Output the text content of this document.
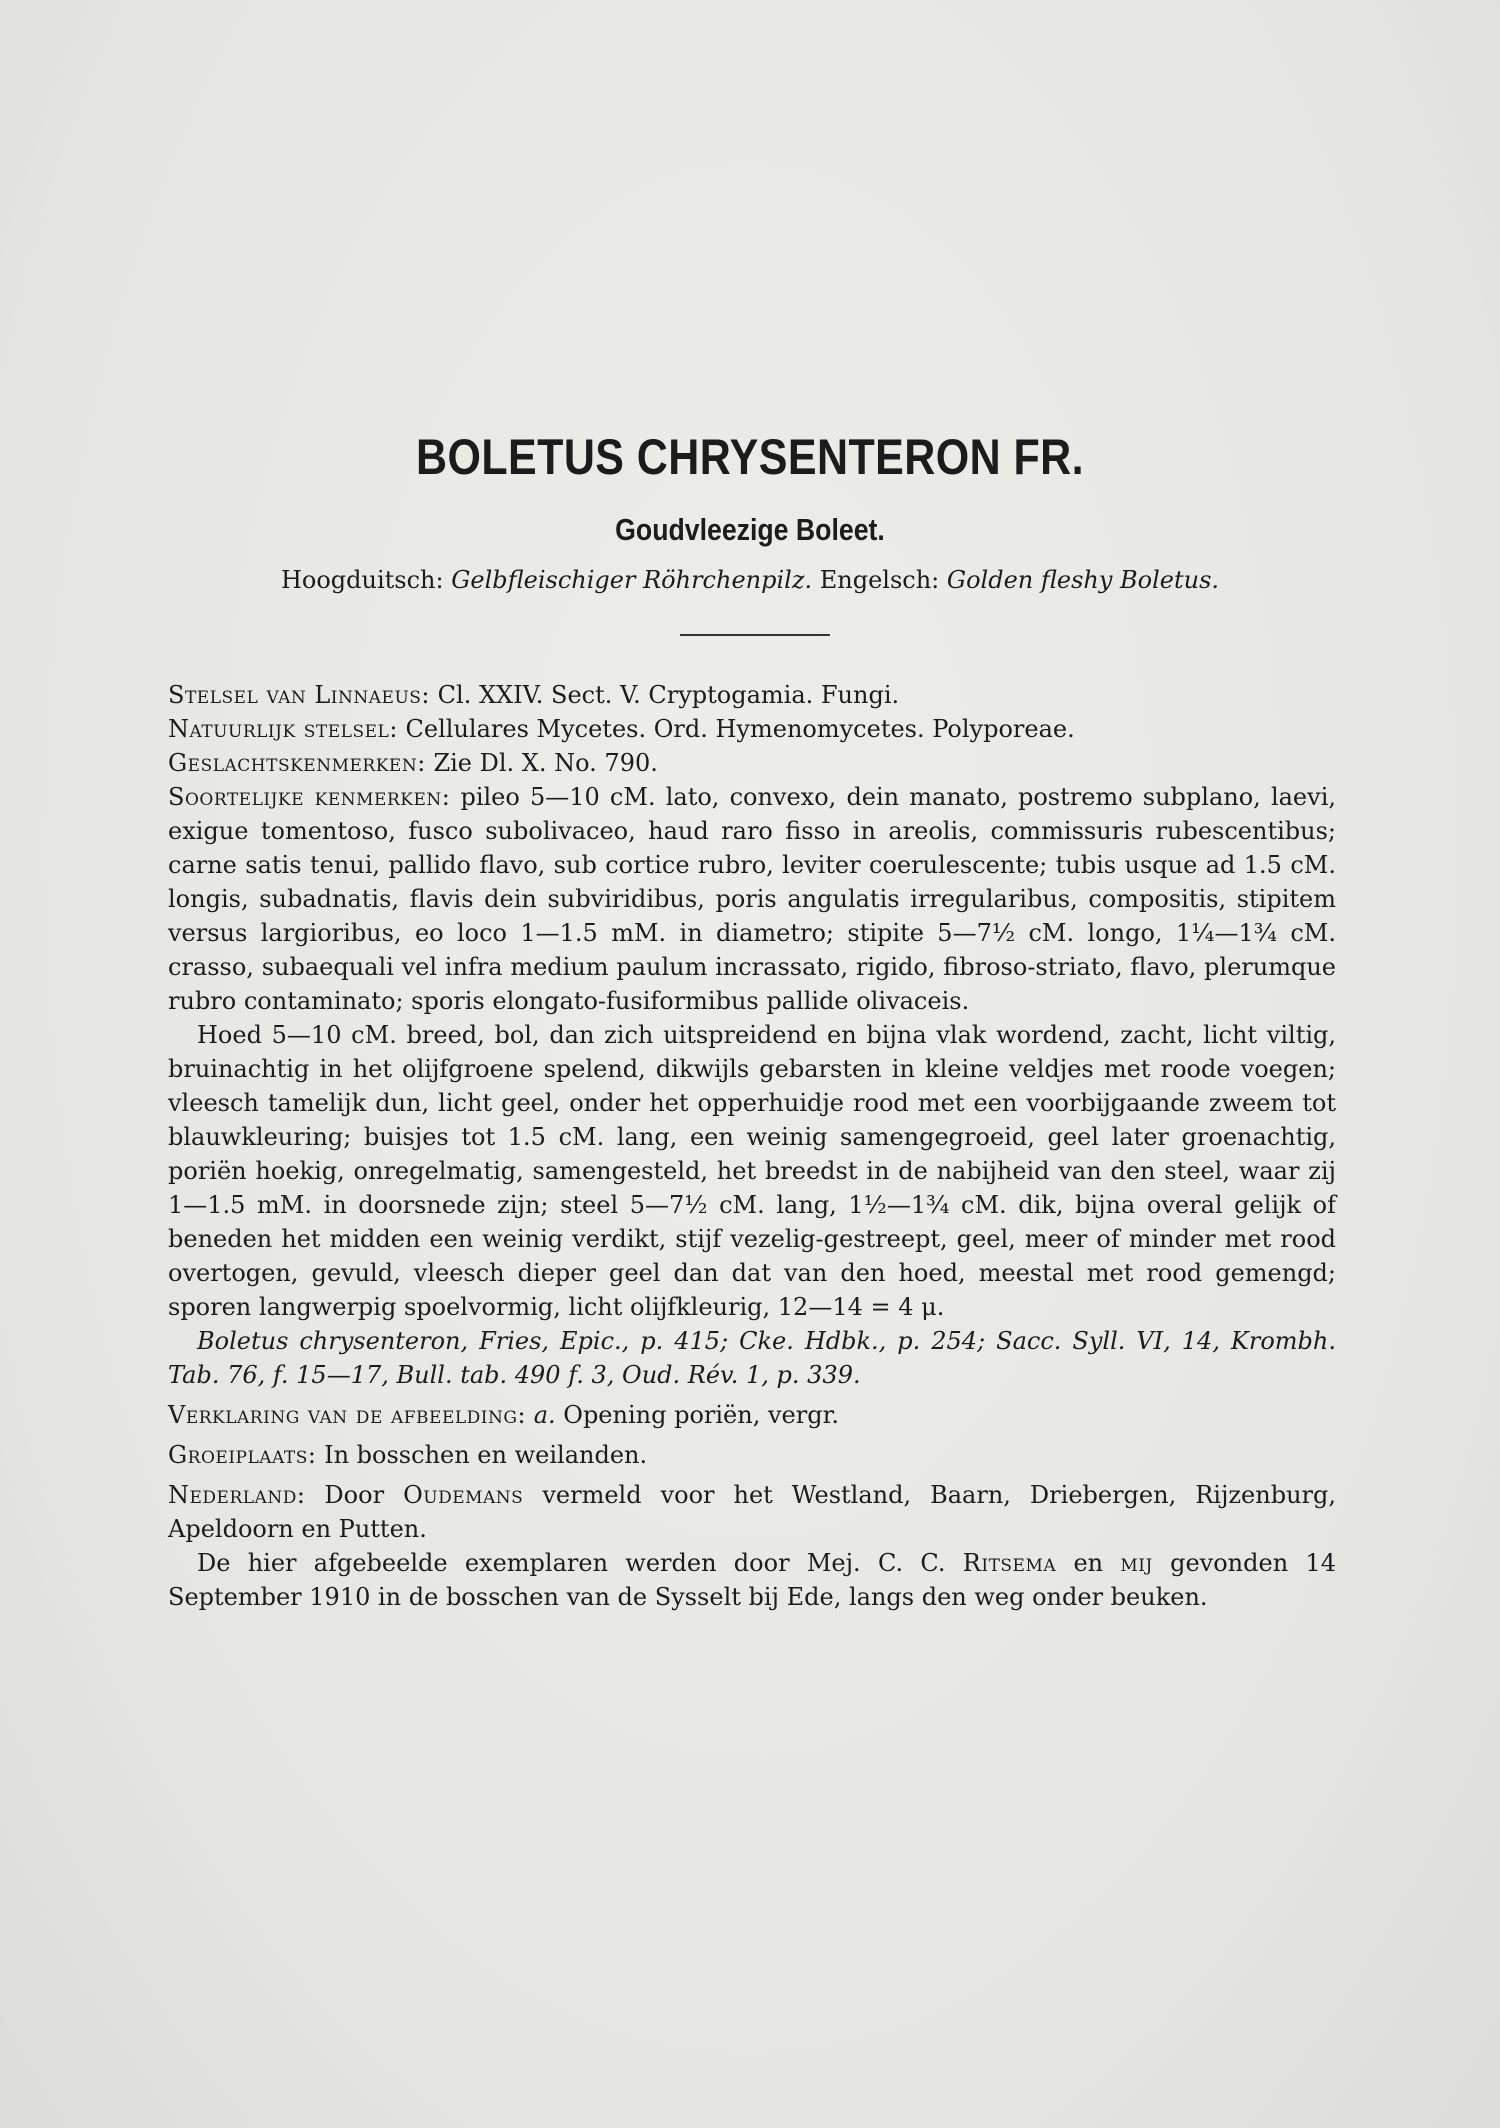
BOLETUS CHRYSENTERON FR.
Goudvleezige Boleet.
Hoogduitsch: Gelbfleischiger Röhrchenpilz. Engelsch: Golden fleshy Boletus.

Stelsel van Linnaeus: Cl. XXIV. Sect. V. Cryptogamia. Fungi.

Natuurlijk stelsel: Cellulares Mycetes. Ord. Hymenomycetes. Polyporeae.

Geslachtskenmerken: Zie Dl. X. No. 790.

Soortelijke kenmerken: pileo 5—10 cM. lato, convexo, dein manato, postremo subplano, laevi, exigue tomentoso, fusco subolivaceo, haud raro fisso in areolis, commissuris rubescentibus; carne satis tenui, pallido flavo, sub cortice rubro, leviter coerulescente; tubis usque ad 1.5 cM. longis, subadnatis, flavis dein subviridibus, poris angulatis irregularibus, compositis, stipitem versus largioribus, eo loco 1—1.5 mM. in diametro; stipite 5—7½ cM. longo, 1¼—1¾ cM. crasso, subaequali vel infra medium paulum incrassato, rigido, fibroso-striato, flavo, plerumque rubro contaminato; sporis elongato-fusiformibus pallide olivaceis.

Hoed 5—10 cM. breed, bol, dan zich uitspreidend en bijna vlak wordend, zacht, licht viltig, bruinachtig in het olijfgroene spelend, dikwijls gebarsten in kleine veldjes met roode voegen; vleesch tamelijk dun, licht geel, onder het opperhuidje rood met een voorbijgaande zweem tot blauwkleuring; buisjes tot 1.5 cM. lang, een weinig samengegroeid, geel later groenachtig, poriën hoekig, onregelmatig, samengesteld, het breedst in de nabijheid van den steel, waar zij 1—1.5 mM. in doorsnede zijn; steel 5—7½ cM. lang, 1½—1¾ cM. dik, bijna overal gelijk of beneden het midden een weinig verdikt, stijf vezelig-gestreept, geel, meer of minder met rood overtogen, gevuld, vleesch dieper geel dan dat van den hoed, meestal met rood gemengd; sporen langwerpig spoelvormig, licht olijfkleurig, 12—14 = 4 μ.

Boletus chrysenteron, Fries, Epic., p. 415; Cke. Hdbk., p. 254; Sacc. Syll. VI, 14, Krombh. Tab. 76, f. 15—17, Bull. tab. 490 f. 3, Oud. Rév. 1, p. 339.

Verklaring van de afbeelding: a. Opening poriën, vergr.

Groeiplaats: In bosschen en weilanden.

Nederland: Door Oudemans vermeld voor het Westland, Baarn, Driebergen, Rijzenburg, Apeldoorn en Putten.

De hier afgebeelde exemplaren werden door Mej. C. C. Ritsema en mij gevonden 14 September 1910 in de bosschen van de Sysselt bij Ede, langs den weg onder beuken.
